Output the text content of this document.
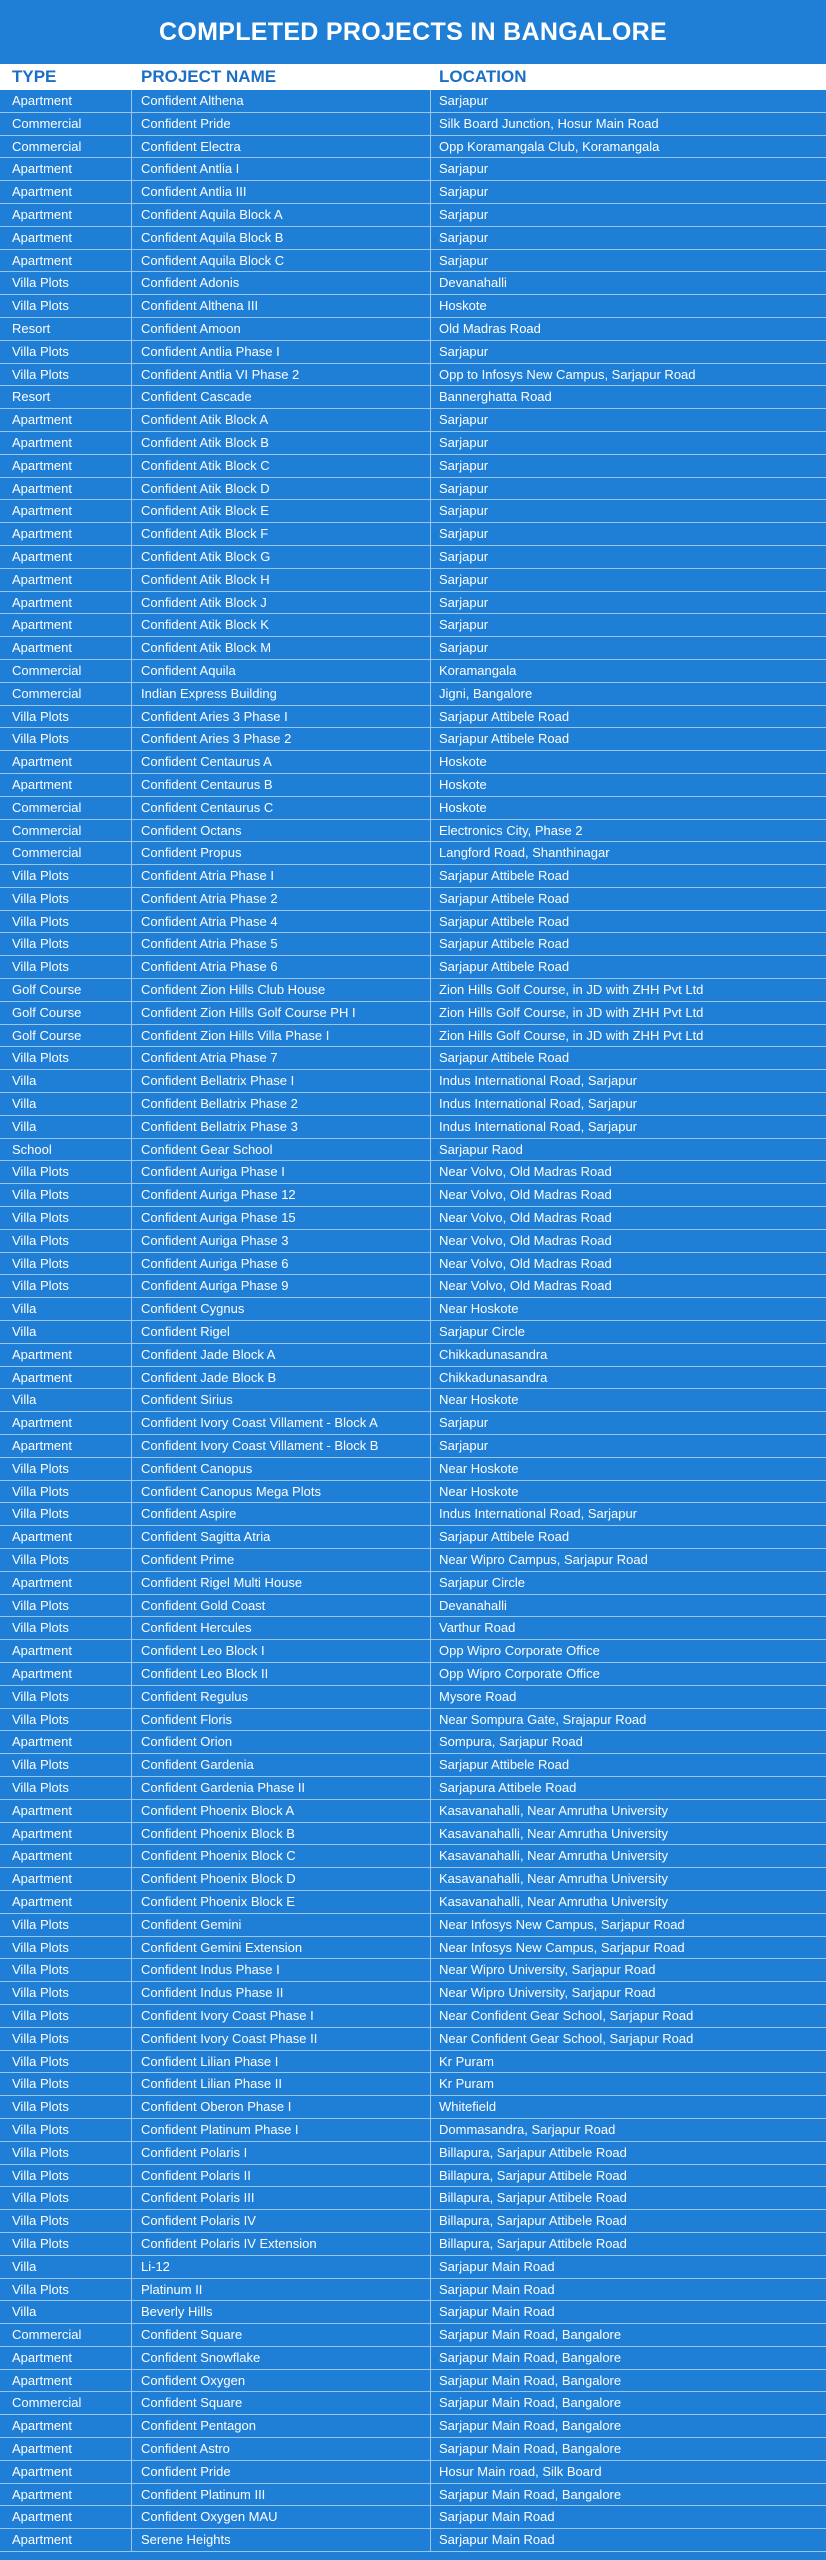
COMPLETED PROJECTS IN BANGALORE
TYPE	PROJECT NAME	LOCATION
Apartment	Confident Althena	Sarjapur
Commercial	Confident Pride	Silk Board Junction, Hosur Main Road
Commercial	Confident Electra	Opp Koramangala Club, Koramangala
Apartment	Confident Antlia I	Sarjapur
Apartment	Confident Antlia III	Sarjapur
Apartment	Confident Aquila Block A	Sarjapur
Apartment	Confident Aquila Block B	Sarjapur
Apartment	Confident Aquila Block C	Sarjapur
Villa Plots	Confident Adonis	Devanahalli
Villa Plots	Confident Althena III	Hoskote
Resort	Confident Amoon	Old Madras Road
Villa Plots	Confident Antlia Phase I	Sarjapur
Villa Plots	Confident Antlia VI Phase 2	Opp to Infosys New Campus, Sarjapur Road
Resort	Confident Cascade	Bannerghatta Road
Apartment	Confident Atik Block A	Sarjapur
Apartment	Confident Atik Block B	Sarjapur
Apartment	Confident Atik Block C	Sarjapur
Apartment	Confident Atik Block D	Sarjapur
Apartment	Confident Atik Block E	Sarjapur
Apartment	Confident Atik Block F	Sarjapur
Apartment	Confident Atik Block G	Sarjapur
Apartment	Confident Atik Block H	Sarjapur
Apartment	Confident Atik Block J	Sarjapur
Apartment	Confident Atik Block K	Sarjapur
Apartment	Confident Atik Block M	Sarjapur
Commercial	Confident Aquila	Koramangala
Commercial	Indian Express Building	Jigni, Bangalore
Villa Plots	Confident Aries 3 Phase I	Sarjapur Attibele Road
Villa Plots	Confident Aries 3 Phase 2	Sarjapur Attibele Road
Apartment	Confident Centaurus A	Hoskote
Apartment	Confident Centaurus B	Hoskote
Commercial	Confident Centaurus C	Hoskote
Commercial	Confident Octans	Electronics City, Phase 2
Commercial	Confident Propus	Langford Road, Shanthinagar
Villa Plots	Confident Atria Phase I	Sarjapur Attibele Road
Villa Plots	Confident Atria Phase 2	Sarjapur Attibele Road
Villa Plots	Confident Atria Phase 4	Sarjapur Attibele Road
Villa Plots	Confident Atria Phase 5	Sarjapur Attibele Road
Villa Plots	Confident Atria Phase 6	Sarjapur Attibele Road
Golf Course	Confident Zion Hills Club House	Zion Hills Golf Course, in JD with ZHH Pvt Ltd
Golf Course	Confident Zion Hills Golf Course PH I	Zion Hills Golf Course, in JD with ZHH Pvt Ltd
Golf Course	Confident Zion Hills Villa Phase I	Zion Hills Golf Course, in JD with ZHH Pvt Ltd
Villa Plots	Confident Atria Phase 7	Sarjapur Attibele Road
Villa	Confident Bellatrix Phase I	Indus International Road, Sarjapur
Villa	Confident Bellatrix Phase 2	Indus International Road, Sarjapur
Villa	Confident Bellatrix Phase 3	Indus International Road, Sarjapur
School	Confident Gear School	Sarjapur Raod
Villa Plots	Confident Auriga Phase I	Near Volvo, Old Madras Road
Villa Plots	Confident Auriga Phase 12	Near Volvo, Old Madras Road
Villa Plots	Confident Auriga Phase 15	Near Volvo, Old Madras Road
Villa Plots	Confident Auriga Phase 3	Near Volvo, Old Madras Road
Villa Plots	Confident Auriga Phase 6	Near Volvo, Old Madras Road
Villa Plots	Confident Auriga Phase 9	Near Volvo, Old Madras Road
Villa	Confident Cygnus	Near Hoskote
Villa	Confident Rigel	Sarjapur Circle
Apartment	Confident Jade Block A	Chikkadunasandra
Apartment	Confident Jade Block B	Chikkadunasandra
Villa	Confident Sirius	Near Hoskote
Apartment	Confident Ivory Coast Villament - Block A	Sarjapur
Apartment	Confident Ivory Coast Villament - Block B	Sarjapur
Villa Plots	Confident Canopus	Near Hoskote
Villa Plots	Confident Canopus Mega Plots	Near Hoskote
Villa Plots	Confident Aspire	Indus International Road, Sarjapur
Apartment	Confident Sagitta Atria	Sarjapur Attibele Road
Villa Plots	Confident Prime	Near Wipro Campus, Sarjapur Road
Apartment	Confident Rigel Multi House	Sarjapur Circle
Villa Plots	Confident Gold Coast	Devanahalli
Villa Plots	Confident Hercules	Varthur Road
Apartment	Confident Leo Block I	Opp Wipro Corporate Office
Apartment	Confident Leo Block II	Opp Wipro Corporate Office
Villa Plots	Confident Regulus	Mysore Road
Villa Plots	Confident Floris	Near Sompura Gate, Srajapur Road
Apartment	Confident Orion	Sompura, Sarjapur Road
Villa Plots	Confident Gardenia	Sarjapur Attibele Road
Villa Plots	Confident Gardenia Phase II	Sarjapura Attibele Road
Apartment	Confident Phoenix Block A	Kasavanahalli, Near Amrutha University
Apartment	Confident Phoenix Block B	Kasavanahalli, Near Amrutha University
Apartment	Confident Phoenix Block C	Kasavanahalli, Near Amrutha University
Apartment	Confident Phoenix Block D	Kasavanahalli, Near Amrutha University
Apartment	Confident Phoenix Block E	Kasavanahalli, Near Amrutha University
Villa Plots	Confident Gemini	Near Infosys New Campus, Sarjapur Road
Villa Plots	Confident Gemini Extension	Near Infosys New Campus, Sarjapur Road
Villa Plots	Confident Indus Phase I	Near Wipro University, Sarjapur Road
Villa Plots	Confident Indus Phase II	Near Wipro University, Sarjapur Road
Villa Plots	Confident Ivory Coast Phase I	Near Confident Gear School, Sarjapur Road
Villa Plots	Confident Ivory Coast Phase II	Near Confident Gear School, Sarjapur Road
Villa Plots	Confident Lilian Phase I	Kr Puram
Villa Plots	Confident Lilian Phase II	Kr Puram
Villa Plots	Confident Oberon Phase I	Whitefield
Villa Plots	Confident Platinum Phase I	Dommasandra, Sarjapur Road
Villa Plots	Confident Polaris I	Billapura, Sarjapur Attibele Road
Villa Plots	Confident Polaris II	Billapura, Sarjapur Attibele Road
Villa Plots	Confident Polaris III	Billapura, Sarjapur Attibele Road
Villa Plots	Confident Polaris IV	Billapura, Sarjapur Attibele Road
Villa Plots	Confident Polaris IV Extension	Billapura, Sarjapur Attibele Road
Villa	Li-12	Sarjapur Main Road
Villa Plots	Platinum II	Sarjapur Main Road
Villa	Beverly Hills	Sarjapur Main Road
Commercial	Confident Square	Sarjapur Main Road, Bangalore
Apartment	Confident Snowflake	Sarjapur Main Road, Bangalore
Apartment	Confident Oxygen	Sarjapur Main Road, Bangalore
Commercial	Confident Square	Sarjapur Main Road, Bangalore
Apartment	Confident Pentagon	Sarjapur Main Road, Bangalore
Apartment	Confident Astro	Sarjapur Main Road, Bangalore
Apartment	Confident Pride	Hosur Main road, Silk Board
Apartment	Confident Platinum III	Sarjapur Main Road, Bangalore
Apartment	Confident Oxygen MAU	Sarjapur Main Road
Apartment	Serene Heights	Sarjapur Main Road
